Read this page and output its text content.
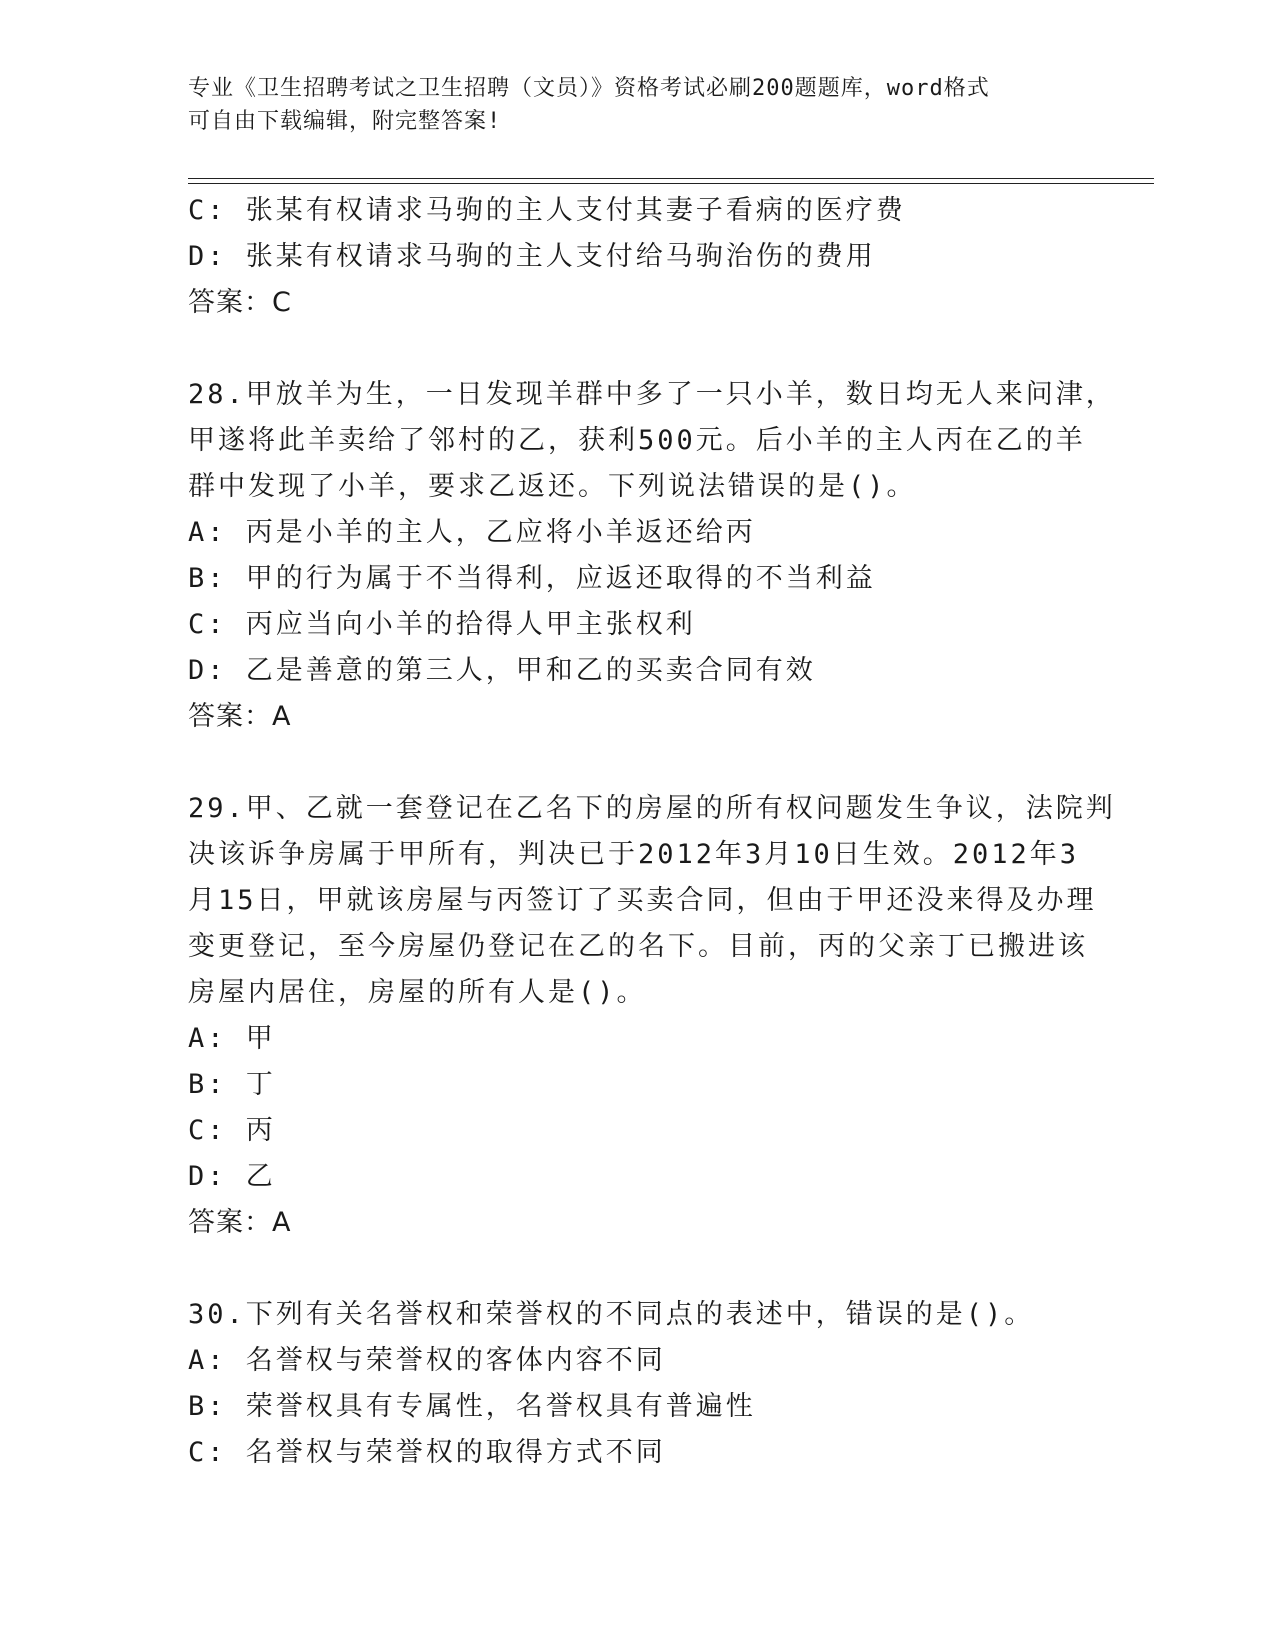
专业《卫生招聘考试之卫生招聘（文员）》资格考试必刷200题题库，word格式
可自由下载编辑，附完整答案!
C: 张某有权请求马驹的主人支付其妻子看病的医疗费
D: 张某有权请求马驹的主人支付给马驹治伤的费用
答案：C
28.甲放羊为生，一日发现羊群中多了一只小羊，数日均无人来问津，
甲遂将此羊卖给了邻村的乙，获利500元。后小羊的主人丙在乙的羊
群中发现了小羊，要求乙返还。下列说法错误的是()。
A: 丙是小羊的主人，乙应将小羊返还给丙
B: 甲的行为属于不当得利，应返还取得的不当利益
C: 丙应当向小羊的拾得人甲主张权利
D: 乙是善意的第三人，甲和乙的买卖合同有效
答案：A
29.甲、乙就一套登记在乙名下的房屋的所有权问题发生争议，法院判
决该诉争房属于甲所有，判决已于2012年3月10日生效。2012年3
月15日，甲就该房屋与丙签订了买卖合同，但由于甲还没来得及办理
变更登记，至今房屋仍登记在乙的名下。目前，丙的父亲丁已搬进该
房屋内居住，房屋的所有人是()。
A: 甲
B: 丁
C: 丙
D: 乙
答案：A
30.下列有关名誉权和荣誉权的不同点的表述中，错误的是()。
A: 名誉权与荣誉权的客体内容不同
B: 荣誉权具有专属性，名誉权具有普遍性
C: 名誉权与荣誉权的取得方式不同
